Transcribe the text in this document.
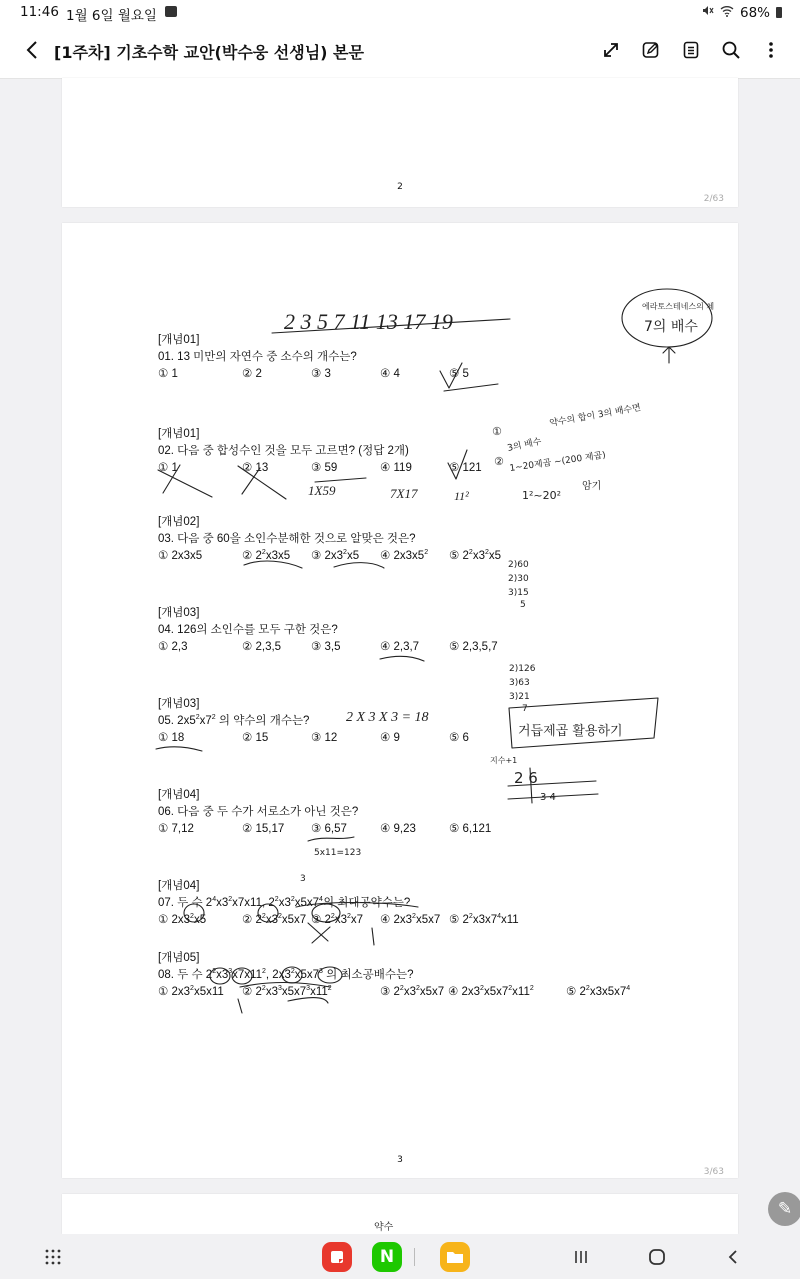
11:46 1월 6일 월요일	68%
[1주차] 기초수학 교안(박수웅 선생님) 본문
2
2/63
[개념01]
01. 13 미만의 자연수 중 소수의 개수는?
① 1	② 2	③ 3	④ 4	⑤ 5
[개념01]
02. 다음 중 합성수인 것을 모두 고르면? (정답 2개)
① 1	② 13	③ 59	④ 119	⑤ 121
[개념02]
03. 다음 중 60을 소인수분해한 것으로 알맞은 것은?
① 2x3x5	② $2^2x3x5$ ③ $2x3^2x5$ ④ $2x3x5^2$ ⑤ $2^2x3^2x5$
[개념03]
04. 126의 소인수를 모두 구한 것은?
① 2,3	② 2,3,5	③ 3,5	④ 2,3,7	⑤ 2,3,5,7
[개념03]
05. $2x5^2x7^2$ 의 약수의 개수는?
① 18	② 15	③ 12	④ 9	⑤ 6
[개념04]
06. 다음 중 두 수가 서로소가 아닌 것은?
① 7,12	② 15,17 ③ 6,57	④ 9,23	⑤ 6,121
[개념04]
07. 두 수 $2^4x3^2x7x11$, $2^2x3^2x5x7^4$의 최대공약수는?
① $2x3^2x5$	② $2^2x3^2x5x7$ ③ $2^2x3^2x7$ ④ $2x3^2x5x7$ ⑤ $2^2x3x7^4x11$
[개념05]
08. 두 수 $2^2x3^3x7x11^2$, $2x3^2x5x7^3$ 의 최소공배수는?
① $2x3^2x5x11$ ② $2^2x3^3x5x7^3x11^2$	③ $2^2x3^2x5x7$ ④ $2x3^2x5x7^2x11^2$	⑤ $2^2x3x5x7^4$
2 3 5 7 11 13 17 19
에라토스테네스의 체
7의 배수
1X59	7X17	11²
①
약수의 합이 3의 배수면
3의 배수
② 1~20제곱 ~(200 제곱)
1²~20²
암기
2)60
2)30
3)15
5
2)126
3)63
3)21
7
2 X 3 X 3 = 18
거듭제곱 활용하기
지수+1
2 6
3 4
5x11=123
3
3
3/63
약수
✎
N
